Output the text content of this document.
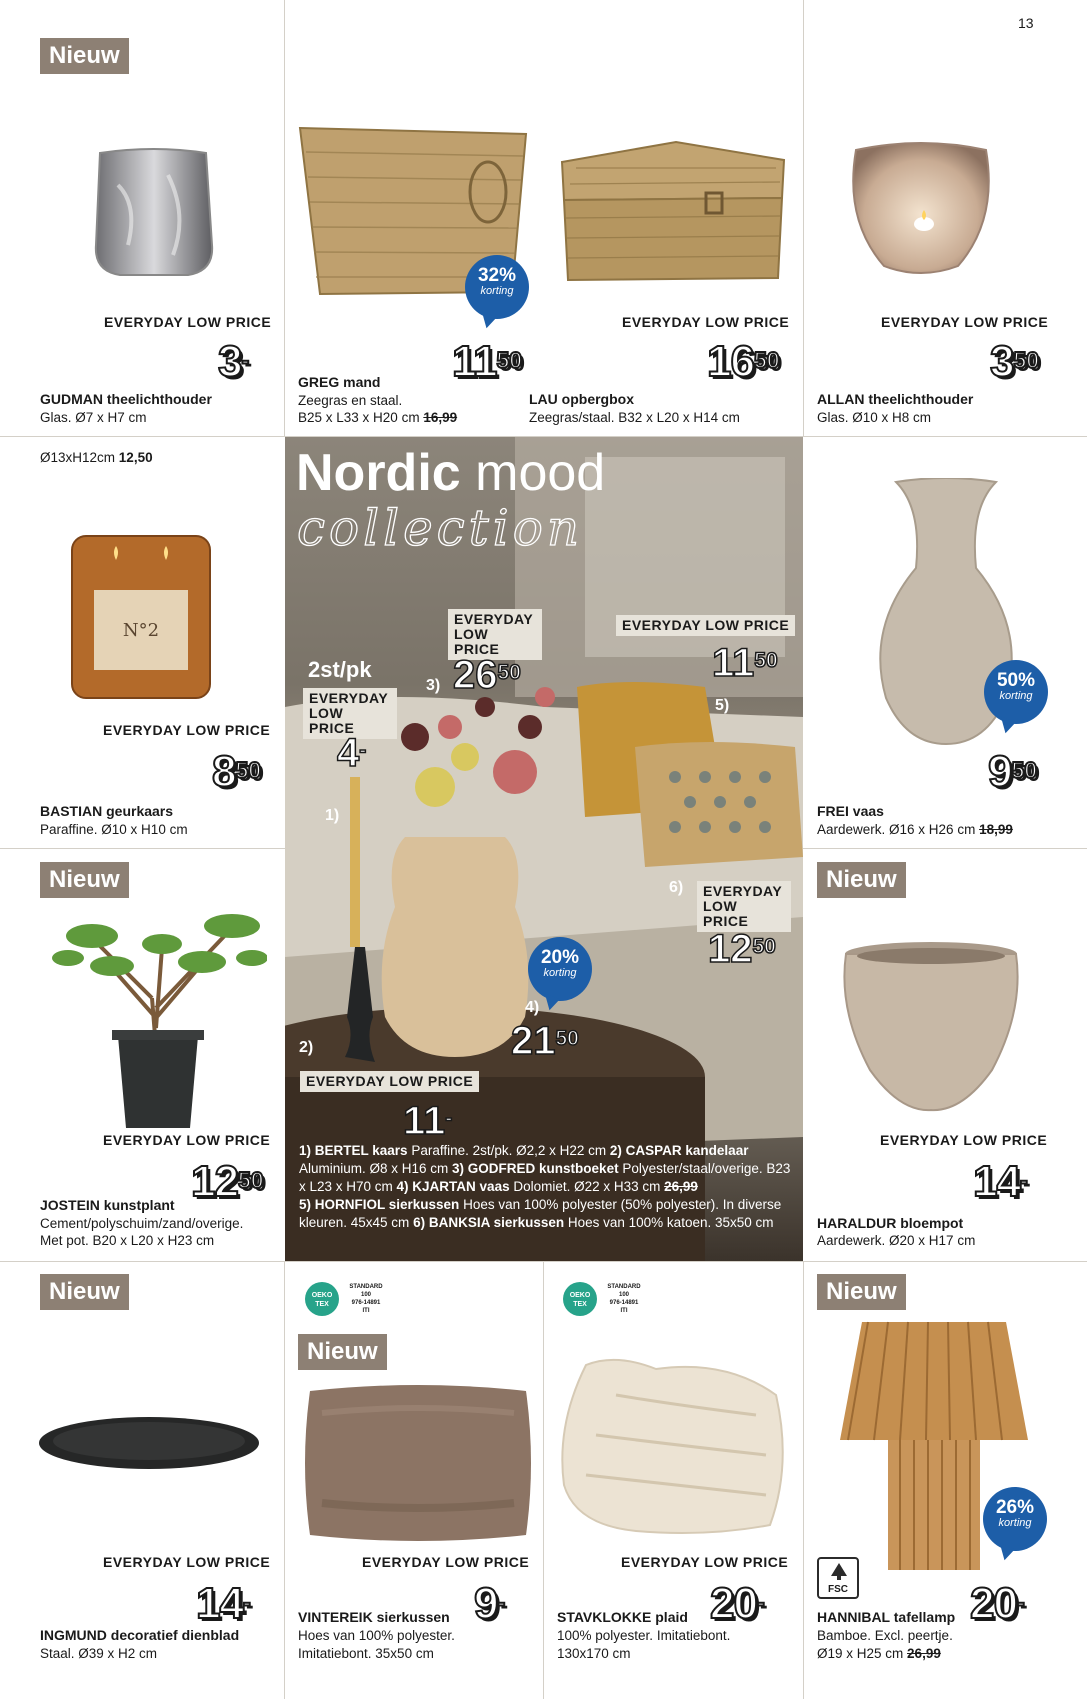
13
Nieuw
EVERYDAY LOW PRICE
3-
GUDMAN theelichthouder
Glas. Ø7 x H7 cm
32%
korting
$11^{50}$
GREG mand
Zeegras en staal.
B25 x L33 x H20 cm 16,99
EVERYDAY LOW PRICE
$16^{50}$
LAU opbergbox
Zeegras/staal. B32 x L20 x H14 cm
EVERYDAY LOW PRICE
$3^{50}$
ALLAN theelichthouder
Glas. Ø10 x H8 cm
Ø13xH12cm 12,50
N°2
EVERYDAY LOW PRICE
$8^{50}$
BASTIAN geurkaars
Paraffine. Ø10 x H10 cm
50%
korting
$9^{50}$
FREI vaas
Aardewerk. Ø16 x H26 cm 18,99
Nieuw
EVERYDAY LOW PRICE
$12^{50}$
JOSTEIN kunstplant
Cement/polyschuim/zand/overige.
Met pot. B20 x L20 x H23 cm
Nieuw
EVERYDAY LOW PRICE
14-
HARALDUR bloempot
Aardewerk. Ø20 x H17 cm
Nordic mood
collection
EVERYDAY
LOW PRICE
3) $26^{50}$
EVERYDAY LOW PRICE
$11^{50}$
5)
2st/pk
EVERYDAY
LOW PRICE
4-
1)
6) EVERYDAY
LOW PRICE
$12^{50}$
20%
korting
4)
$21^{50}$
2)
EVERYDAY LOW PRICE
11-
1) BERTEL kaars Paraffine. 2st/pk. Ø2,2 x H22 cm 2) CASPAR kandelaar Aluminium. Ø8 x H16 cm 3) GODFRED kunstboeket Polyester/staal/overige. B23 x L23 x H70 cm 4) KJARTAN vaas Dolomiet. Ø22 x H33 cm 26,99
5) HORNFIOL sierkussen Hoes van 100% polyester (50% polyester). In diverse kleuren. 45x45 cm 6) BANKSIA sierkussen Hoes van 100% katoen. 35x50 cm
Nieuw
EVERYDAY LOW PRICE
14-
INGMUND decoratief dienblad
Staal. Ø39 x H2 cm
OEKO TEX
STANDARD
100
976-14891
ITI
Nieuw
EVERYDAY LOW PRICE
9-
VINTEREIK sierkussen
Hoes van 100% polyester.
Imitatiebont. 35x50 cm
OEKO TEX
STANDARD
100
976-14891
ITI
EVERYDAY LOW PRICE
20-
STAVKLOKKE plaid
100% polyester. Imitatiebont.
130x170 cm
Nieuw
26%
korting
FSC	20-
HANNIBAL tafellamp
Bamboe. Excl. peertje.
Ø19 x H25 cm 26,99
